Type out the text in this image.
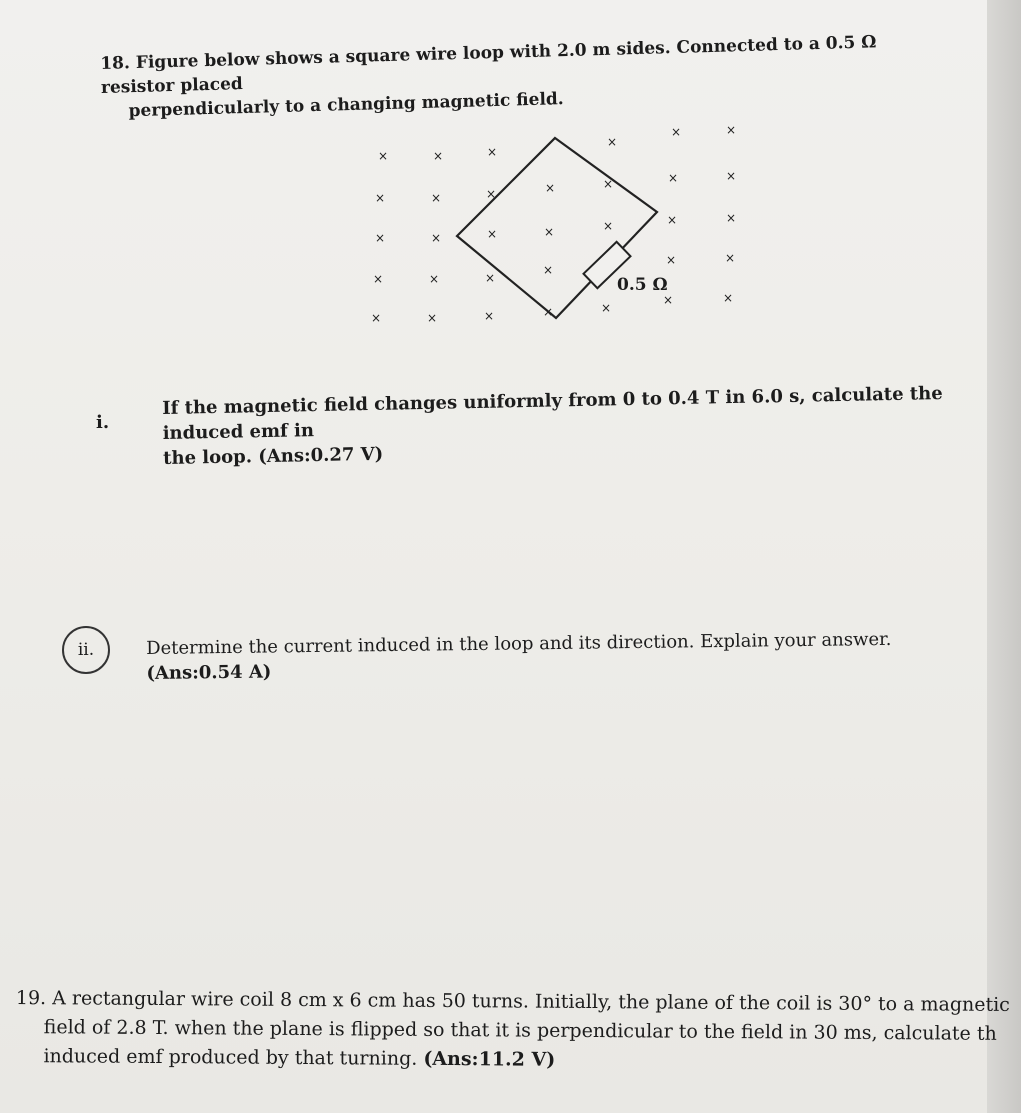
18. Figure below shows a square wire loop with 2.0 m sides. Connected to a 0.5 Ω resistor placed
perpendicularly to a changing magnetic field.
×	×	×
×
×	×
×	×	×	×	×	×	×
×	×	×	×	×	×	×
×	×	×
×
×	×
×	×	×	×	×
×	×
0.5 Ω
i.
If the magnetic field changes uniformly from 0 to 0.4 T in 6.0 s, calculate the induced emf in
the loop. (Ans:0.27 V)
ii.	Determine the current induced in the loop and its direction. Explain your answer.
(Ans:0.54 A)
19. A rectangular wire coil 8 cm x 6 cm has 50 turns. Initially, the plane of the coil is 30° to a magnetic
field of 2.8 T. when the plane is flipped so that it is perpendicular to the field in 30 ms, calculate th
induced emf produced by that turning. (Ans:11.2 V)
